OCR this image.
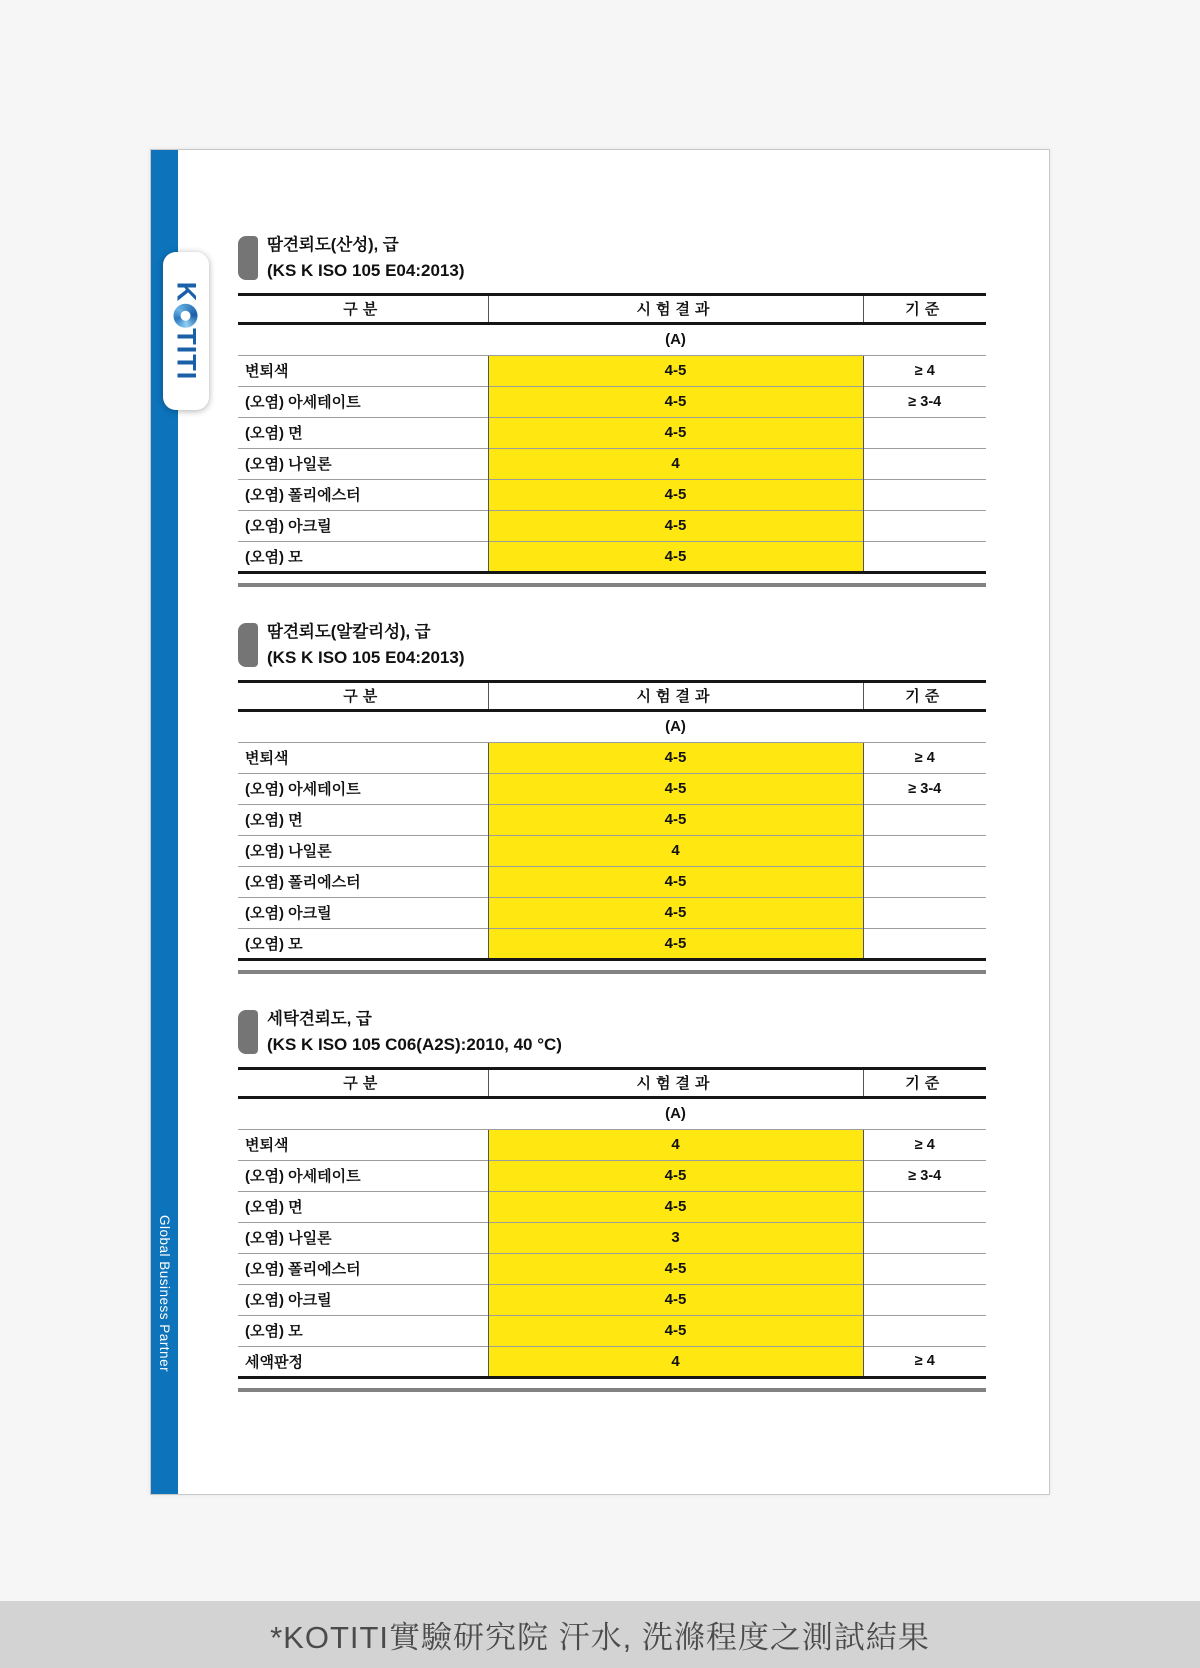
K
TITI
Global Business Partner
땀견뢰도(산성), 급
(KS K ISO 105 E04:2013)
구분	시험결과	기준
	(A)	
변퇴색	4-5	≥ 4
(오염) 아세테이트	4-5	≥ 3-4
(오염) 면	4-5	
(오염) 나일론	4	
(오염) 폴리에스터	4-5	
(오염) 아크릴	4-5	
(오염) 모	4-5	
땀견뢰도(알칼리성), 급
(KS K ISO 105 E04:2013)
구분	시험결과	기준
	(A)	
변퇴색	4-5	≥ 4
(오염) 아세테이트	4-5	≥ 3-4
(오염) 면	4-5	
(오염) 나일론	4	
(오염) 폴리에스터	4-5	
(오염) 아크릴	4-5	
(오염) 모	4-5	
세탁견뢰도, 급
(KS K ISO 105 C06(A2S):2010, 40 °C)
구분	시험결과	기준
	(A)	
변퇴색	4	≥ 4
(오염) 아세테이트	4-5	≥ 3-4
(오염) 면	4-5	
(오염) 나일론	3	
(오염) 폴리에스터	4-5	
(오염) 아크릴	4-5	
(오염) 모	4-5	
세액판정	4	≥ 4
*KOTITI實驗研究院 汗水, 洗滌程度之測試結果
